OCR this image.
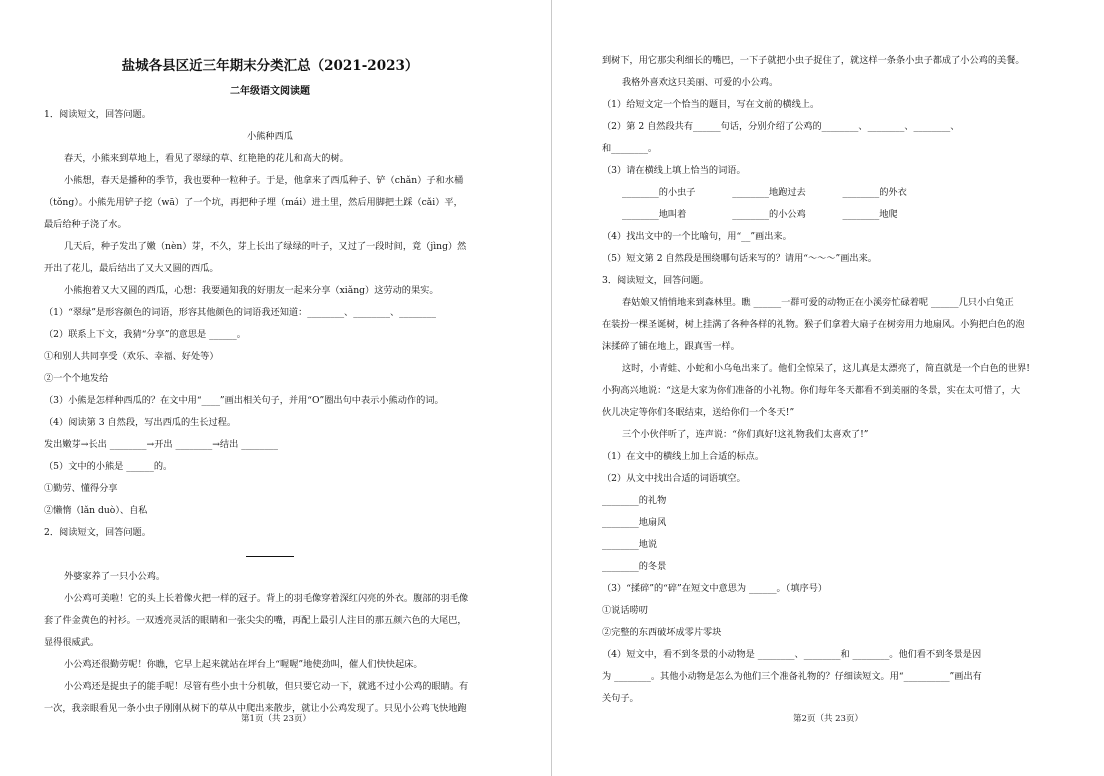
盐城各县区近三年期末分类汇总（2021-2023）
二年级语文阅读题
1．阅读短文，回答问题。
小熊种西瓜
春天，小熊来到草地上，看见了翠绿的草、红艳艳的花儿和高大的树。
小熊想，春天是播种的季节，我也要种一粒种子。于是，他拿来了西瓜种子、铲（chǎn）子和水桶
（tǒng）。小熊先用铲子挖（wā）了一个坑，再把种子埋（mái）进土里，然后用脚把土踩（cǎi）平，
最后给种子浇了水。
几天后，种子发出了嫩（nèn）芽，不久，芽上长出了绿绿的叶子，又过了一段时间，竟（jìng）然
开出了花儿，最后结出了又大又圆的西瓜。
小熊抱着又大又圆的西瓜，心想：我要通知我的好朋友一起来分享（xiǎng）这劳动的果实。
（1）“翠绿”是形容颜色的词语，形容其他颜色的词语我还知道：________、________、________
（2）联系上下文，我猜“分享”的意思是 ______。
①和别人共同享受（欢乐、幸福、好处等）
②一个个地发给
（3）小熊是怎样种西瓜的？在文中用“____”画出相关句子，并用“O”圈出句中表示小熊动作的词。
（4）阅读第 3 自然段，写出西瓜的生长过程。
发出嫩芽→长出 ________→开出 ________→结出 ________
（5）文中的小熊是 ______的。
①勤劳、懂得分享
②懒惰（lǎn duò）、自私
2．阅读短文，回答问题。
外婆家养了一只小公鸡。
小公鸡可美啦！它的头上长着像火把一样的冠子。背上的羽毛像穿着深红闪亮的外衣。腹部的羽毛像
套了件金黄色的衬衫。一双透亮灵活的眼睛和一张尖尖的嘴，再配上最引人注目的那五颜六色的大尾巴，
显得很威武。
小公鸡还很勤劳呢！你瞧，它早上起来就站在坪台上“喔喔”地使劲叫，催人们快快起床。
小公鸡还是捉虫子的能手呢！尽管有些小虫十分机敏，但只要它动一下，就逃不过小公鸡的眼睛。有
一次，我亲眼看见一条小虫子刚刚从树下的草从中爬出来散步，就让小公鸡发现了。只见小公鸡飞快地跑
第1页（共 23页）
到树下，用它那尖利细长的嘴巴，一下子就把小虫子捉住了，就这样一条条小虫子都成了小公鸡的美餐。
我格外喜欢这只美丽、可爱的小公鸡。
（1）给短文定一个恰当的题目，写在文前的横线上。
（2）第 2 自然段共有______句话，分别介绍了公鸡的________、________、________、
和________。
（3）请在横线上填上恰当的词语。
________的小虫子　　　　________地跑过去　　　　________的外衣
________地叫着　　　　　________的小公鸡　　　　________地爬
（4）找出文中的一个比喻句，用“__”画出来。
（5）短文第 2 自然段是围绕哪句话来写的？请用“～～～”画出来。
3．阅读短文，回答问题。
春姑娘又悄悄地来到森林里。瞧 ______一群可爱的动物正在小溪旁忙碌着呢 ______几只小白兔正
在装扮一棵圣诞树，树上挂满了各种各样的礼物。猴子们拿着大扇子在树旁用力地扇风。小狗把白色的泡
沫揉碎了铺在地上，跟真雪一样。
这时，小青蛙、小蛇和小乌龟出来了。他们全惊呆了，这儿真是太漂亮了，简直就是一个白色的世界!
小狗高兴地说：“这是大家为你们准备的小礼物。你们每年冬天都看不到美丽的冬景，实在太可惜了，大
伙儿决定等你们冬眠结束，送给你们一个冬天!”
三个小伙伴听了，连声说：“你们真好!这礼物我们太喜欢了!”
（1）在文中的横线上加上合适的标点。
（2）从文中找出合适的词语填空。
________的礼物
________地扇风
________地说
________的冬景
（3）“揉碎”的“碎”在短文中意思为 ______。（填序号）
①说话唠叨
②完整的东西破坏成零片零块
（4）短文中，看不到冬景的小动物是 ________、________和 ________。他们看不到冬景是因
为 ________。其他小动物是怎么为他们三个准备礼物的？仔细读短文。用“__________”画出有
关句子。
第2页（共 23页）
